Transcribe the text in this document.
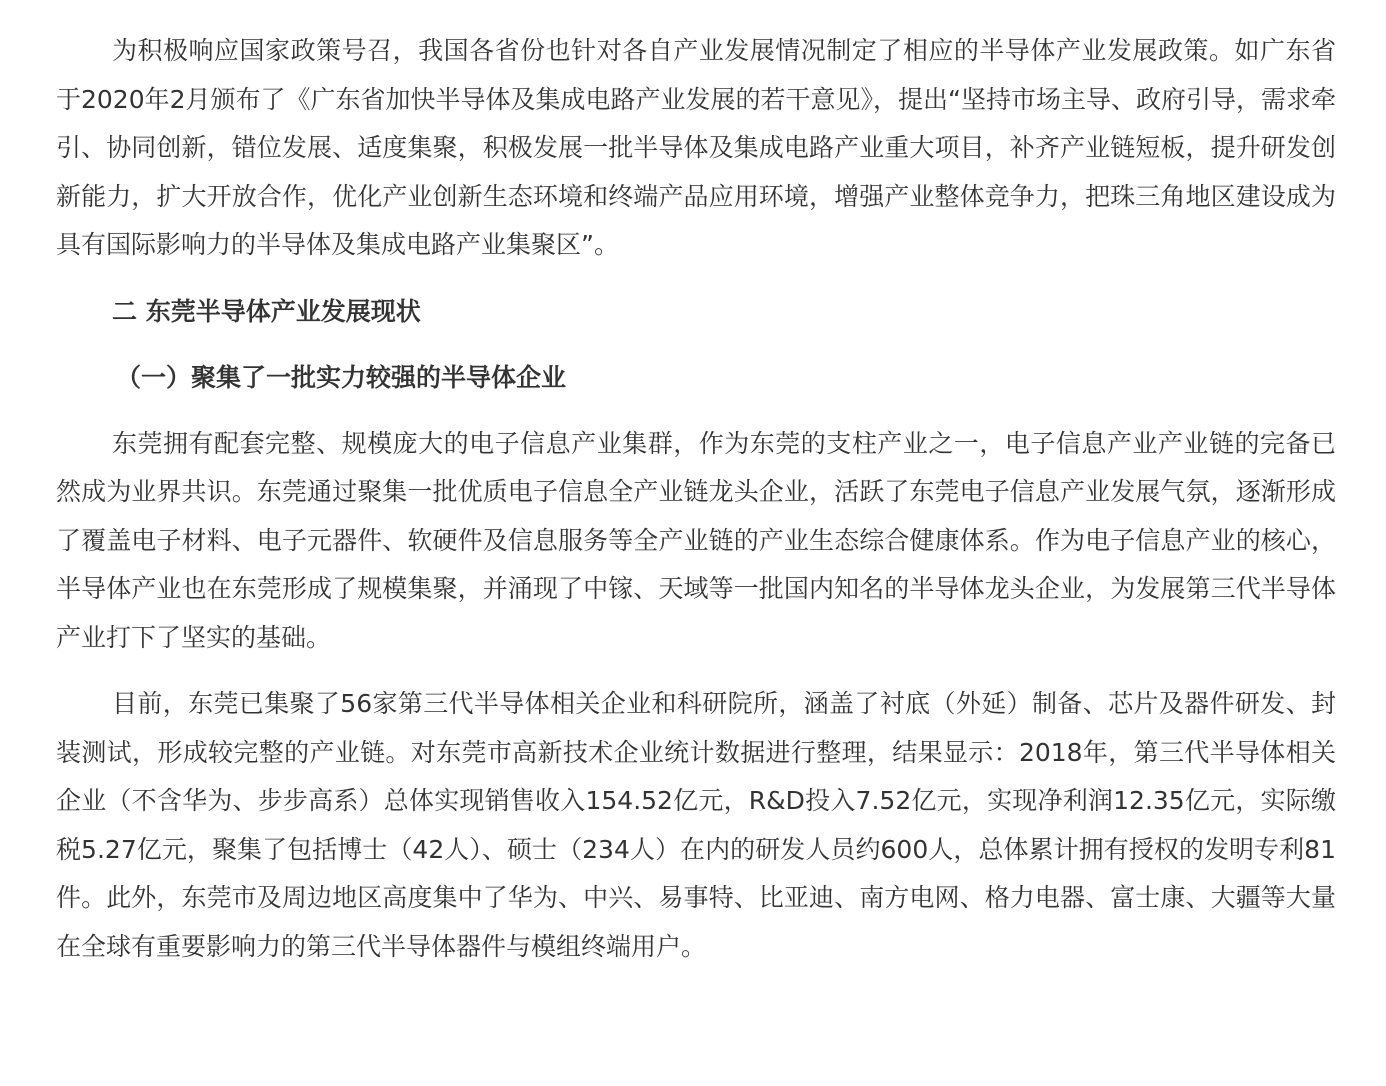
为积极响应国家政策号召，我国各省份也针对各自产业发展情况制定了相应的半导体产业发展政策。如广东省于2020年2月颁布了《广东省加快半导体及集成电路产业发展的若干意见》，提出“坚持市场主导、政府引导，需求牵引、协同创新，错位发展、适度集聚，积极发展一批半导体及集成电路产业重大项目，补齐产业链短板，提升研发创新能力，扩大开放合作，优化产业创新生态环境和终端产品应用环境，增强产业整体竞争力，把珠三角地区建设成为具有国际影响力的半导体及集成电路产业集聚区”。

二 东莞半导体产业发展现状
（一）聚集了一批实力较强的半导体企业

东莞拥有配套完整、规模庞大的电子信息产业集群，作为东莞的支柱产业之一，电子信息产业产业链的完备已然成为业界共识。东莞通过聚集一批优质电子信息全产业链龙头企业，活跃了东莞电子信息产业发展气氛，逐渐形成了覆盖电子材料、电子元器件、软硬件及信息服务等全产业链的产业生态综合健康体系。作为电子信息产业的核心，半导体产业也在东莞形成了规模集聚，并涌现了中镓、天域等一批国内知名的半导体龙头企业，为发展第三代半导体产业打下了坚实的基础。

目前，东莞已集聚了56家第三代半导体相关企业和科研院所，涵盖了衬底（外延）制备、芯片及器件研发、封装测试，形成较完整的产业链。对东莞市高新技术企业统计数据进行整理，结果显示：2018年，第三代半导体相关企业（不含华为、步步高系）总体实现销售收入154.52亿元，R&D投入7.52亿元，实现净利润12.35亿元，实际缴税5.27亿元，聚集了包括博士（42人）、硕士（234人）在内的研发人员约600人，总体累计拥有授权的发明专利81件。此外，东莞市及周边地区高度集中了华为、中兴、易事特、比亚迪、南方电网、格力电器、富士康、大疆等大量在全球有重要影响力的第三代半导体器件与模组终端用户。
